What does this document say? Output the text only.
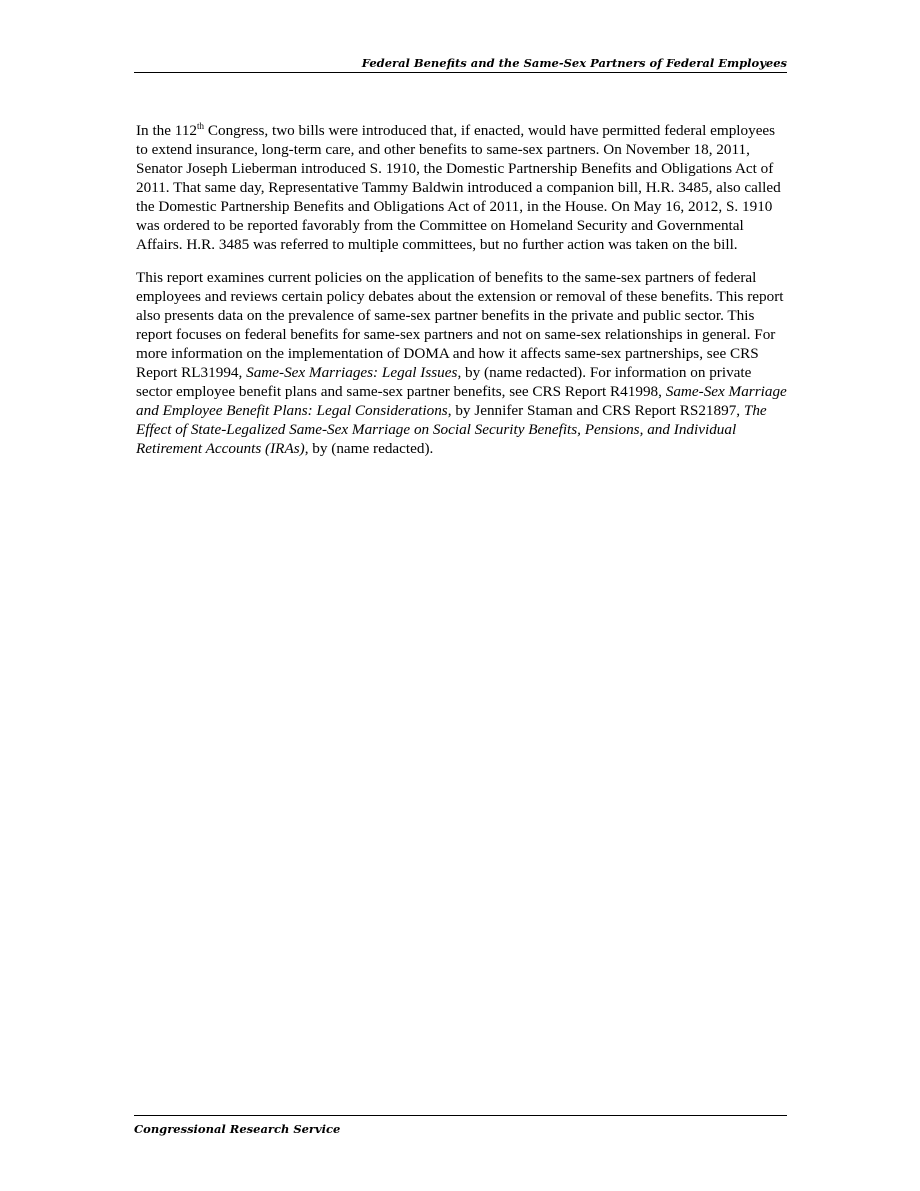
Federal Benefits and the Same-Sex Partners of Federal Employees

In the 112th Congress, two bills were introduced that, if enacted, would have permitted federal employees to extend insurance, long-term care, and other benefits to same-sex partners. On November 18, 2011, Senator Joseph Lieberman introduced S. 1910, the Domestic Partnership Benefits and Obligations Act of 2011. That same day, Representative Tammy Baldwin introduced a companion bill, H.R. 3485, also called the Domestic Partnership Benefits and Obligations Act of 2011, in the House. On May 16, 2012, S. 1910 was ordered to be reported favorably from the Committee on Homeland Security and Governmental Affairs. H.R. 3485 was referred to multiple committees, but no further action was taken on the bill.

This report examines current policies on the application of benefits to the same-sex partners of federal employees and reviews certain policy debates about the extension or removal of these benefits. This report also presents data on the prevalence of same-sex partner benefits in the private and public sector. This report focuses on federal benefits for same-sex partners and not on same-sex relationships in general. For more information on the implementation of DOMA and how it affects same-sex partnerships, see CRS Report RL31994, Same-Sex Marriages: Legal Issues, by (name redacted). For information on private sector employee benefit plans and same-sex partner benefits, see CRS Report R41998, Same-Sex Marriage and Employee Benefit Plans: Legal Considerations, by Jennifer Staman and CRS Report RS21897, The Effect of State-Legalized Same-Sex Marriage on Social Security Benefits, Pensions, and Individual Retirement Accounts (IRAs), by (name redacted).

Congressional Research Service
